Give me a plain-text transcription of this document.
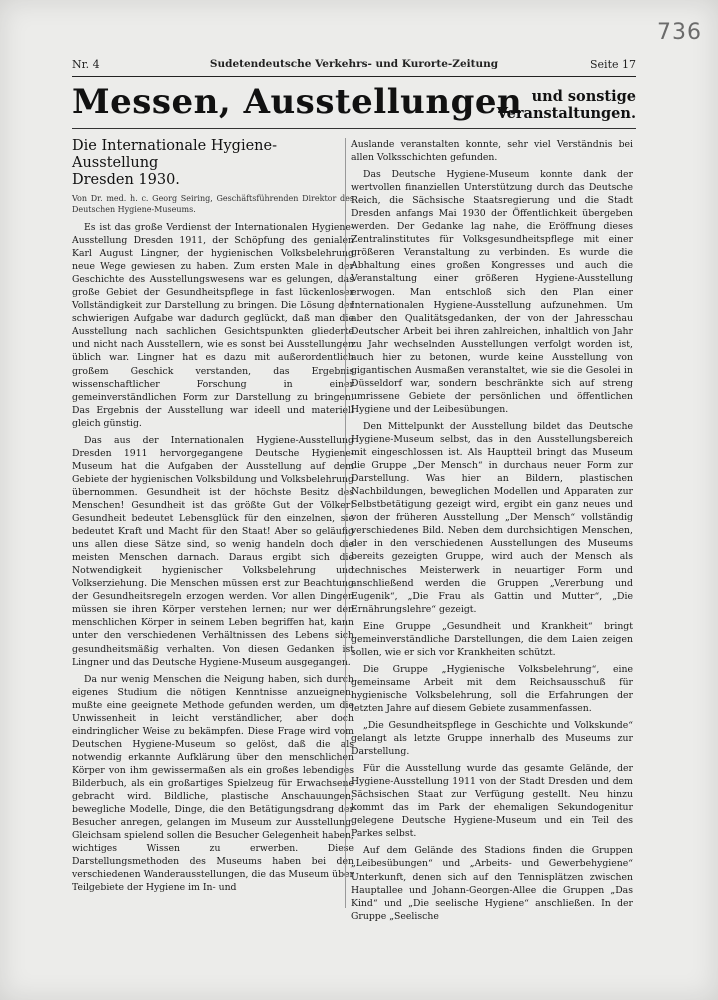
736
Nr. 4	Sudetendeutsche Verkehrs- und Kurorte-Zeitung	Seite 17
Messen, Ausstellungen und sonstige
Veranstaltungen.
Die Internationale Hygiene-Ausstellung
Dresden 1930.

Von Dr. med. h. c. Georg Seiring, Geschäftsführenden Direktor des Deutschen Hygiene-Museums.

Es ist das große Verdienst der Internationalen Hygiene-Ausstellung Dresden 1911, der Schöpfung des genialen Karl August Lingner, der hygienischen Volksbelehrung neue Wege gewiesen zu haben. Zum ersten Male in der Geschichte des Ausstellungswesens war es gelungen, das große Gebiet der Gesundheitspflege in fast lückenloser Vollständigkeit zur Darstellung zu bringen. Die Lösung der schwierigen Aufgabe war dadurch geglückt, daß man die Ausstellung nach sachlichen Gesichtspunkten gliederte und nicht nach Ausstellern, wie es sonst bei Ausstellungen üblich war. Lingner hat es dazu mit außerordentlich großem Geschick verstanden, das Ergebnis wissenschaftlicher Forschung in einer gemeinverständlichen Form zur Darstellung zu bringen. Das Ergebnis der Ausstellung war ideell und materiell gleich günstig.

Das aus der Internationalen Hygiene-Ausstellung Dresden 1911 hervorgegangene Deutsche Hygiene-Museum hat die Aufgaben der Ausstellung auf dem Gebiete der hygienischen Volksbildung und Volksbelehrung übernommen. Gesundheit ist der höchste Besitz des Menschen! Gesundheit ist das größte Gut der Völker! Gesundheit bedeutet Lebensglück für den einzelnen, sie bedeutet Kraft und Macht für den Staat! Aber so geläufig uns allen diese Sätze sind, so wenig handeln doch die meisten Menschen darnach. Daraus ergibt sich die Notwendigkeit hygienischer Volksbelehrung und Volkserziehung. Die Menschen müssen erst zur Beachtung der Gesundheitsregeln erzogen werden. Vor allen Dingen müssen sie ihren Körper verstehen lernen; nur wer den menschlichen Körper in seinem Leben begriffen hat, kann unter den verschiedenen Verhältnissen des Lebens sich gesundheitsmäßig verhalten. Von diesen Gedanken ist Lingner und das Deutsche Hygiene-Museum ausgegangen.

Da nur wenig Menschen die Neigung haben, sich durch eigenes Studium die nötigen Kenntnisse anzueignen, mußte eine geeignete Methode gefunden werden, um die Unwissenheit in leicht verständlicher, aber doch eindringlicher Weise zu bekämpfen. Diese Frage wird vom Deutschen Hygiene-Museum so gelöst, daß die als notwendig erkannte Aufklärung über den menschlichen Körper von ihm gewissermaßen als ein großes lebendiges Bilderbuch, als ein großartiges Spielzeug für Erwachsene gebracht wird. Bildliche, plastische Anschauungen, bewegliche Modelle, Dinge, die den Betätigungsdrang der Besucher anregen, gelangen im Museum zur Ausstellung. Gleichsam spielend sollen die Besucher Gelegenheit haben, wichtiges Wissen zu erwerben. Diese Darstellungsmethoden des Museums haben bei den verschiedenen Wanderausstellungen, die das Museum über Teilgebiete der Hygiene im In- und

Auslande veranstalten konnte, sehr viel Verständnis bei allen Volksschichten gefunden.

Das Deutsche Hygiene-Museum konnte dank der wertvollen finanziellen Unterstützung durch das Deutsche Reich, die Sächsische Staatsregierung und die Stadt Dresden anfangs Mai 1930 der Öffentlichkeit übergeben werden. Der Gedanke lag nahe, die Eröffnung dieses Zentralinstitutes für Volksgesundheitspflege mit einer größeren Veranstaltung zu verbinden. Es wurde die Abhaltung eines großen Kongresses und auch die Veranstaltung einer größeren Hygiene-Ausstellung erwogen. Man entschloß sich den Plan einer Internationalen Hygiene-Ausstellung aufzunehmen. Um aber den Qualitätsgedanken, der von der Jahresschau Deutscher Arbeit bei ihren zahlreichen, inhaltlich von Jahr zu Jahr wechselnden Ausstellungen verfolgt worden ist, auch hier zu betonen, wurde keine Ausstellung von gigantischen Ausmaßen veranstaltet, wie sie die Gesolei in Düsseldorf war, sondern beschränkte sich auf streng umrissene Gebiete der persönlichen und öffentlichen Hygiene und der Leibesübungen.

Den Mittelpunkt der Ausstellung bildet das Deutsche Hygiene-Museum selbst, das in den Ausstellungsbereich mit eingeschlossen ist. Als Hauptteil bringt das Museum die Gruppe „Der Mensch“ in durchaus neuer Form zur Darstellung. Was hier an Bildern, plastischen Nachbildungen, beweglichen Modellen und Apparaten zur Selbstbetätigung gezeigt wird, ergibt ein ganz neues und von der früheren Ausstellung „Der Mensch“ vollständig verschiedenes Bild. Neben dem durchsichtigen Menschen, der in den verschiedenen Ausstellungen des Museums bereits gezeigten Gruppe, wird auch der Mensch als technisches Meisterwerk in neuartiger Form und anschließend werden die Gruppen „Vererbung und Eugenik“, „Die Frau als Gattin und Mutter“, „Die Ernährungslehre“ gezeigt.

Eine Gruppe „Gesundheit und Krankheit“ bringt gemeinverständliche Darstellungen, die dem Laien zeigen sollen, wie er sich vor Krankheiten schützt.

Die Gruppe „Hygienische Volksbelehrung“, eine gemeinsame Arbeit mit dem Reichsausschuß für hygienische Volksbelehrung, soll die Erfahrungen der letzten Jahre auf diesem Gebiete zusammenfassen.

„Die Gesundheitspflege in Geschichte und Volkskunde“ gelangt als letzte Gruppe innerhalb des Museums zur Darstellung.

Für die Ausstellung wurde das gesamte Gelände, der Hygiene-Ausstellung 1911 von der Stadt Dresden und dem Sächsischen Staat zur Verfügung gestellt. Neu hinzu kommt das im Park der ehemaligen Sekundogenitur gelegene Deutsche Hygiene-Museum und ein Teil des Parkes selbst.

Auf dem Gelände des Stadions finden die Gruppen „Leibesübungen“ und „Arbeits- und Gewerbehygiene“ Unterkunft, denen sich auf den Tennisplätzen zwischen Hauptallee und Johann-Georgen-Allee die Gruppen „Das Kind“ und „Die seelische Hygiene“ anschließen. In der Gruppe „Seelische
